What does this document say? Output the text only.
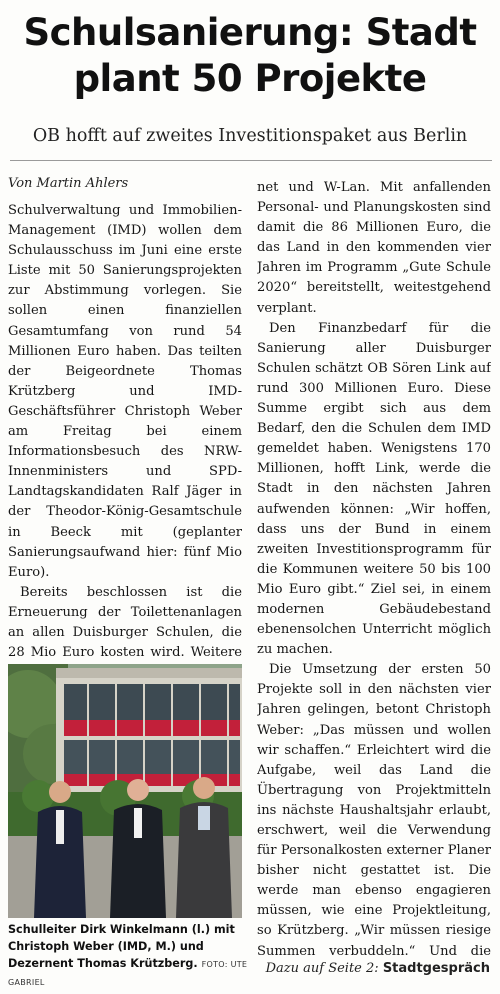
Schulsanierung: Stadt
plant 50 Projekte
OB hofft auf zweites Investitionspaket aus Berlin
Von Martin Ahlers

Schulverwaltung und Immobilien-Management (IMD) wollen dem Schulausschuss im Juni eine erste Liste mit 50 Sanierungsprojekten zur Abstimmung vorlegen. Sie sollen einen finanziellen Gesamtumfang von rund 54 Millionen Euro haben. Das teilten der Beigeordnete Thomas Krützberg und IMD-Geschäftsführer Christoph Weber am Freitag bei einem Informationsbesuch des NRW-Innenministers und SPD-Landtagskandidaten Ralf Jäger in der Theodor-König-Gesamtschule in Beeck mit (geplanter Sanierungsaufwand hier: fünf Mio Euro).

Bereits beschlossen ist die Erneuerung der Toilettenanlagen an allen Duisburger Schulen, die 28 Mio Euro kosten wird. Weitere

net und W-Lan. Mit anfallenden Personal- und Planungskosten sind damit die 86 Millionen Euro, die das Land in den kommenden vier Jahren im Programm „Gute Schule 2020“ bereitstellt, weitestgehend verplant.

Den Finanzbedarf für die Sanierung aller Duisburger Schulen schätzt OB Sören Link auf rund 300 Millionen Euro. Diese Summe ergibt sich aus dem Bedarf, den die Schulen dem IMD gemeldet haben. Wenigstens 170 Millionen, hofft Link, werde die Stadt in den nächsten Jahren aufwenden können: „Wir hoffen, dass uns der Bund in einem zweiten Investitionsprogramm für die Kommunen weitere 50 bis 100 Mio Euro gibt.“ Ziel sei, in einem modernen Gebäudebestand ebenensolchen Unterricht möglich zu machen.

Die Umsetzung der ersten 50 Projekte soll in den nächsten vier Jahren gelingen, betont Christoph Weber: „Das müssen und wollen wir schaffen.“ Erleichtert wird die Aufgabe, weil das Land die Übertragung von Projektmitteln ins nächste Haushaltsjahr erlaubt, erschwert, weil die Verwendung für Personalkosten externer Planer bisher nicht gestattet ist. Die werde man ebenso engagieren müssen, wie eine Projektleitung, so Krützberg. „Wir müssen riesige Summen verbuddeln.“ Und die

Schulleiter Dirk Winkelmann (l.) mit Christoph Weber (IMD, M.) und Dezernent Thomas Krützberg. FOTO: UTE GABRIEL
Dazu auf Seite 2: Stadtgespräch
